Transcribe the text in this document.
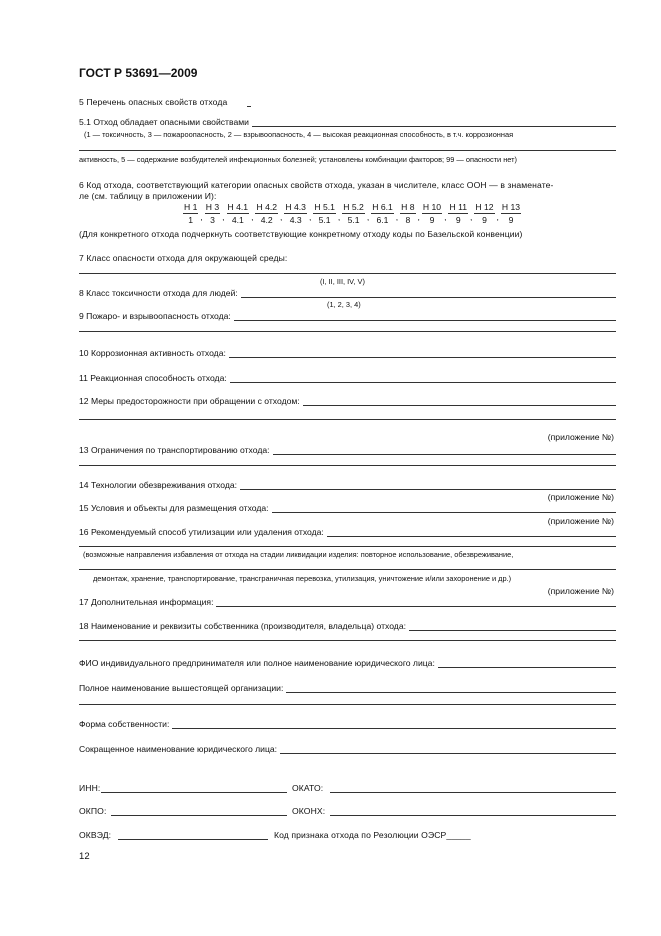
ГОСТ Р 53691—2009
5 Перечень опасных свойств отхода
5.1 Отход обладает опасными свойствами
(1 — токсичность, 3 — пожароопасность, 2 — взрывоопасность, 4 — высокая реакционная способность, в т.ч. коррозионная
активность, 5 — содержание возбудителей инфекционных болезней; установлены комбинации факторов; 99 — опасности нет)
6 Код отхода, соответствующий категории опасных свойств отхода, указан в числителе, класс ООН — в знаменате-
ле (см. таблицу в приложении И):
$\frac{Н 1}{1}$ , $\frac{Н 3}{3}$ , $\frac{Н 4.1}{4.1}$ , $\frac{Н 4.2}{4.2}$ , $\frac{Н 4.3}{4.3}$ , $\frac{Н 5.1}{5.1}$ , $\frac{Н 5.2}{5.1}$ , $\frac{Н 6.1}{6.1}$ , $\frac{Н 8}{8}$ , $\frac{Н 10}{9}$ , $\frac{Н 11}{9}$ , $\frac{Н 12}{9}$ , $\frac{Н 13}{9}$
(Для конкретного отхода подчеркнуть соответствующие конкретному отходу коды по Базельской конвенции)
7 Класс опасности отхода для окружающей среды:
(I, II, III, IV, V)
8 Класс токсичности отхода для людей:
(1, 2, 3, 4)
9 Пожаро- и взрывоопасность отхода:
10 Коррозионная активность отхода:
11 Реакционная способность отхода:
12 Меры предосторожности при обращении с отходом:
(приложение №)
13 Ограничения по транспортированию отхода:
14 Технологии обезвреживания отхода:
(приложение №)
15 Условия и объекты для размещения отхода:
(приложение №)
16 Рекомендуемый способ утилизации или удаления отхода:
(возможные направления избавления от отхода на стадии ликвидации изделия: повторное использование, обезвреживание,
демонтаж, хранение, транспортирование, трансграничная перевозка, утилизация, уничтожение и/или захоронение и др.)
(приложение №)
17 Дополнительная информация:
18 Наименование и реквизиты собственника (производителя, владельца) отхода:
ФИО индивидуального предпринимателя или полное наименование юридического лица:
Полное наименование вышестоящей организации:
Форма собственности:
Сокращенное наименование юридического лица:
ИНН:	ОКАТО:
ОКПО:	ОКОНХ:
ОКВЭД:	Код признака отхода по Резолюции ОЭСР_____
12
